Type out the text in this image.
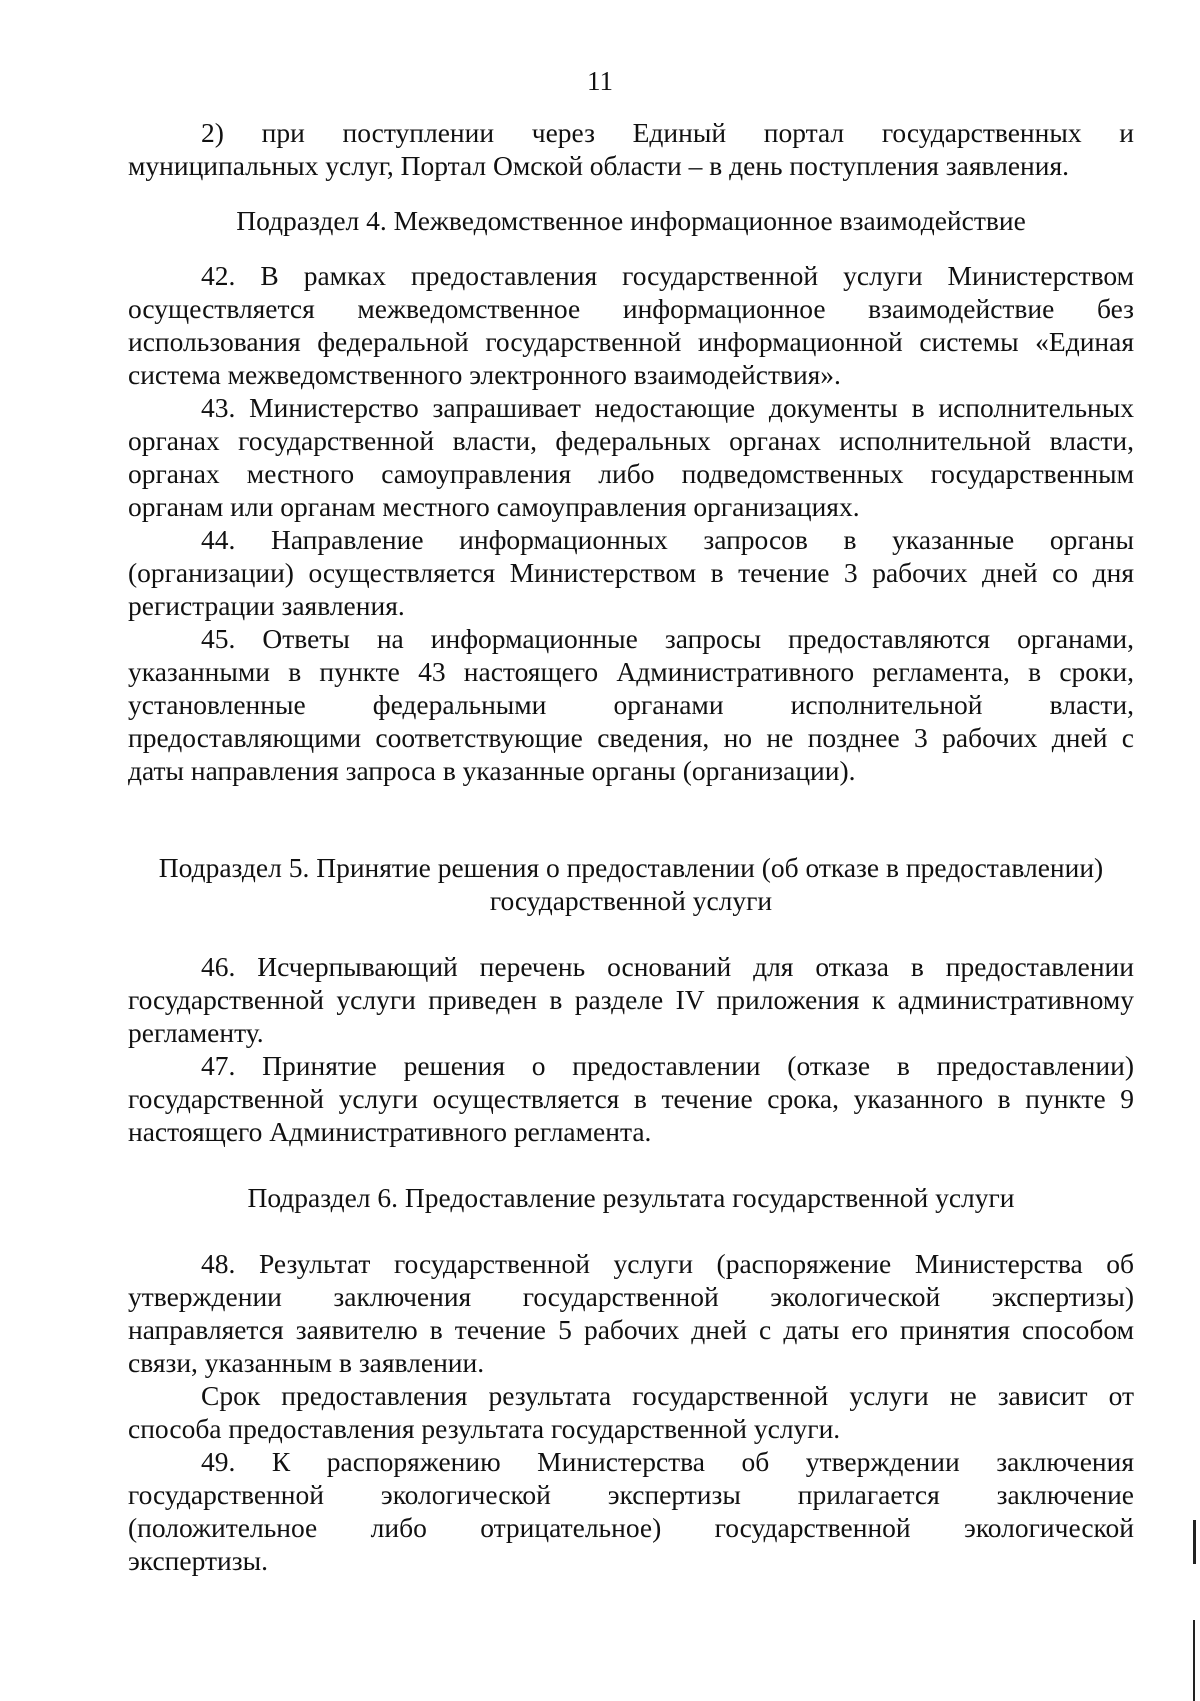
11
2) при поступлении через Единый портал государственных и
муниципальных услуг, Портал Омской области – в день поступления заявления.
Подраздел 4. Межведомственное информационное взаимодействие
42. В рамках предоставления государственной услуги Министерством
осуществляется межведомственное информационное взаимодействие без
использования федеральной государственной информационной системы «Единая
система межведомственного электронного взаимодействия».
43. Министерство запрашивает недостающие документы в исполнительных
органах государственной власти, федеральных органах исполнительной власти,
органах местного самоуправления либо подведомственных государственным
органам или органам местного самоуправления организациях.
44. Направление информационных запросов в указанные органы
(организации) осуществляется Министерством в течение 3 рабочих дней со дня
регистрации заявления.
45. Ответы на информационные запросы предоставляются органами,
указанными в пункте 43 настоящего Административного регламента, в сроки,
установленные федеральными органами исполнительной власти,
предоставляющими соответствующие сведения, но не позднее 3 рабочих дней с
даты направления запроса в указанные органы (организации).
Подраздел 5. Принятие решения о предоставлении (об отказе в предоставлении)
государственной услуги
46. Исчерпывающий перечень оснований для отказа в предоставлении
государственной услуги приведен в разделе IV приложения к административному
регламенту.
47. Принятие решения о предоставлении (отказе в предоставлении)
государственной услуги осуществляется в течение срока, указанного в пункте 9
настоящего Административного регламента.
Подраздел 6. Предоставление результата государственной услуги
48. Результат государственной услуги (распоряжение Министерства об
утверждении заключения государственной экологической экспертизы)
направляется заявителю в течение 5 рабочих дней с даты его принятия способом
связи, указанным в заявлении.
Срок предоставления результата государственной услуги не зависит от
способа предоставления результата государственной услуги.
49. К распоряжению Министерства об утверждении заключения
государственной экологической экспертизы прилагается заключение
(положительное либо отрицательное) государственной экологической
экспертизы.
